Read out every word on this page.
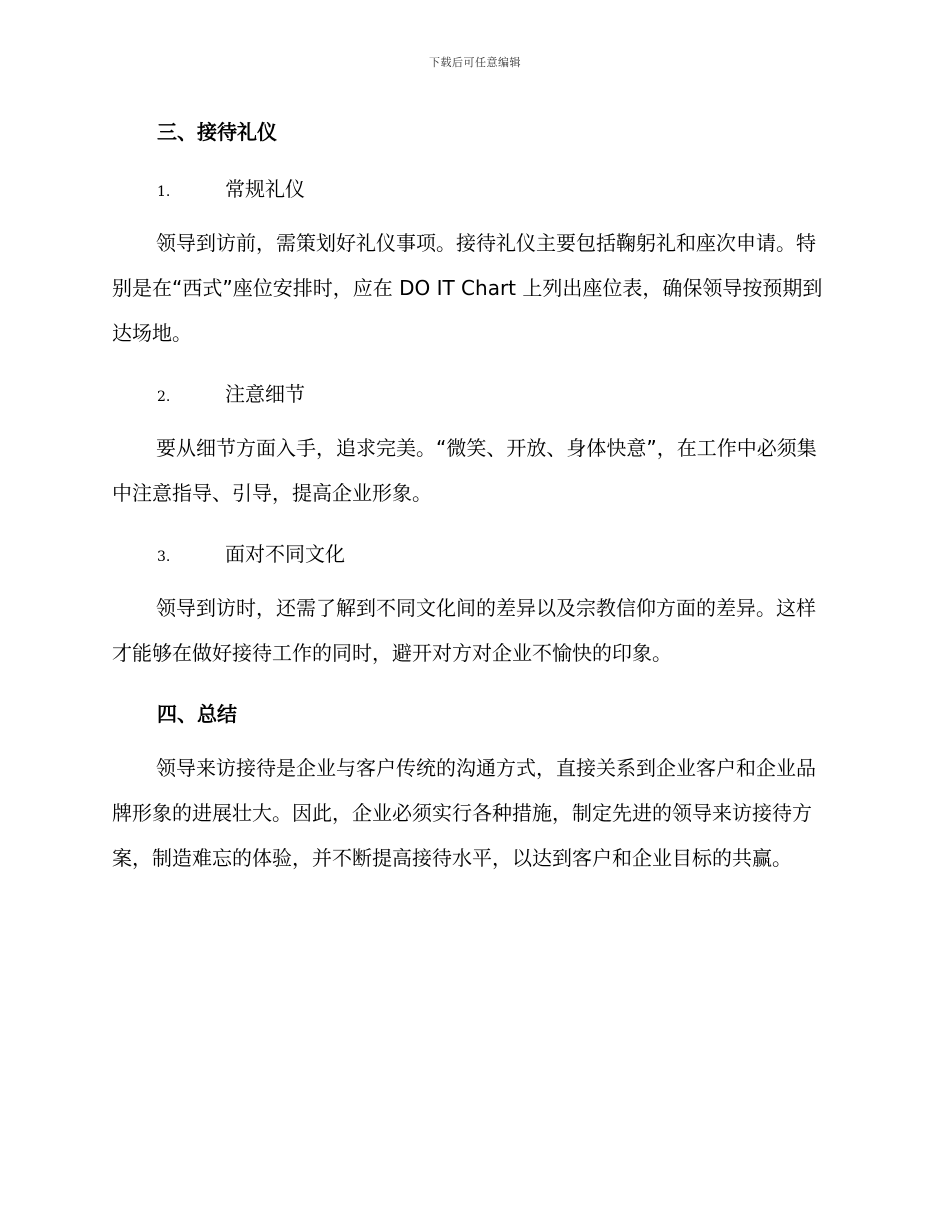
下载后可任意编辑
三、接待礼仪
1.	常规礼仪
领导到访前，需策划好礼仪事项。接待礼仪主要包括鞠躬礼和座次申请。特别是在“西式”座位安排时，应在 DO IT Chart 上列出座位表，确保领导按预期到达场地。
2.	注意细节
要从细节方面入手，追求完美。“微笑、开放、身体快意”，在工作中必须集中注意指导、引导，提高企业形象。
3.	面对不同文化
领导到访时，还需了解到不同文化间的差异以及宗教信仰方面的差异。这样才能够在做好接待工作的同时，避开对方对企业不愉快的印象。
四、总结
领导来访接待是企业与客户传统的沟通方式，直接关系到企业客户和企业品牌形象的进展壮大。因此，企业必须实行各种措施，制定先进的领导来访接待方案，制造难忘的体验，并不断提高接待水平，以达到客户和企业目标的共赢。
